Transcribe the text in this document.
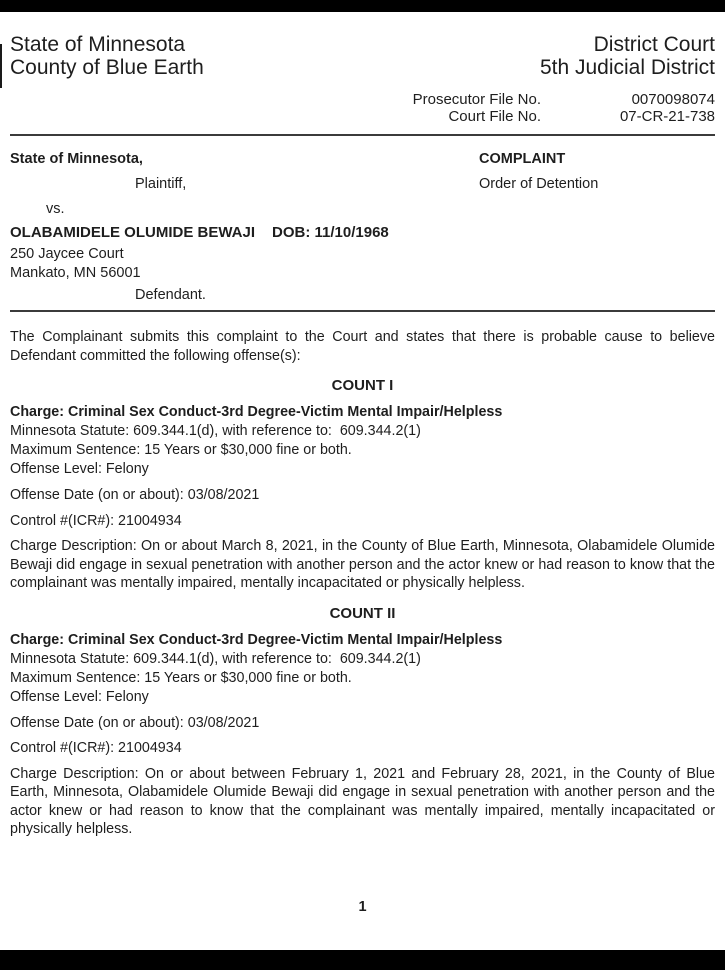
State of Minnesota
County of Blue Earth
District Court
5th Judicial District
Prosecutor File No.
Court File No.
0070098074
07-CR-21-738

State of Minnesota,

Plaintiff,

vs.

OLABAMIDELE OLUMIDE BEWAJI DOB: 11/10/1968

250 Jaycee Court

Mankato, MN 56001

Defendant.

COMPLAINT
Order of Detention

The Complainant submits this complaint to the Court and states that there is probable cause to believe Defendant committed the following offense(s):

COUNT I

Charge: Criminal Sex Conduct-3rd Degree-Victim Mental Impair/Helpless

Minnesota Statute: 609.344.1(d), with reference to:  609.344.2(1)

Maximum Sentence: 15 Years or $30,000 fine or both.

Offense Level: Felony

Offense Date (on or about): 03/08/2021

Control #(ICR#): 21004934

Charge Description: On or about March 8, 2021, in the County of Blue Earth, Minnesota, Olabamidele Olumide Bewaji did engage in sexual penetration with another person and the actor knew or had reason to know that the complainant was mentally impaired, mentally incapacitated or physically helpless.

COUNT II

Charge: Criminal Sex Conduct-3rd Degree-Victim Mental Impair/Helpless

Minnesota Statute: 609.344.1(d), with reference to:  609.344.2(1)

Maximum Sentence: 15 Years or $30,000 fine or both.

Offense Level: Felony

Offense Date (on or about): 03/08/2021

Control #(ICR#): 21004934

Charge Description: On or about between February 1, 2021 and February 28, 2021, in the County of Blue Earth, Minnesota, Olabamidele Olumide Bewaji did engage in sexual penetration with another person and the actor knew or had reason to know that the complainant was mentally impaired, mentally incapacitated or physically helpless.

1
